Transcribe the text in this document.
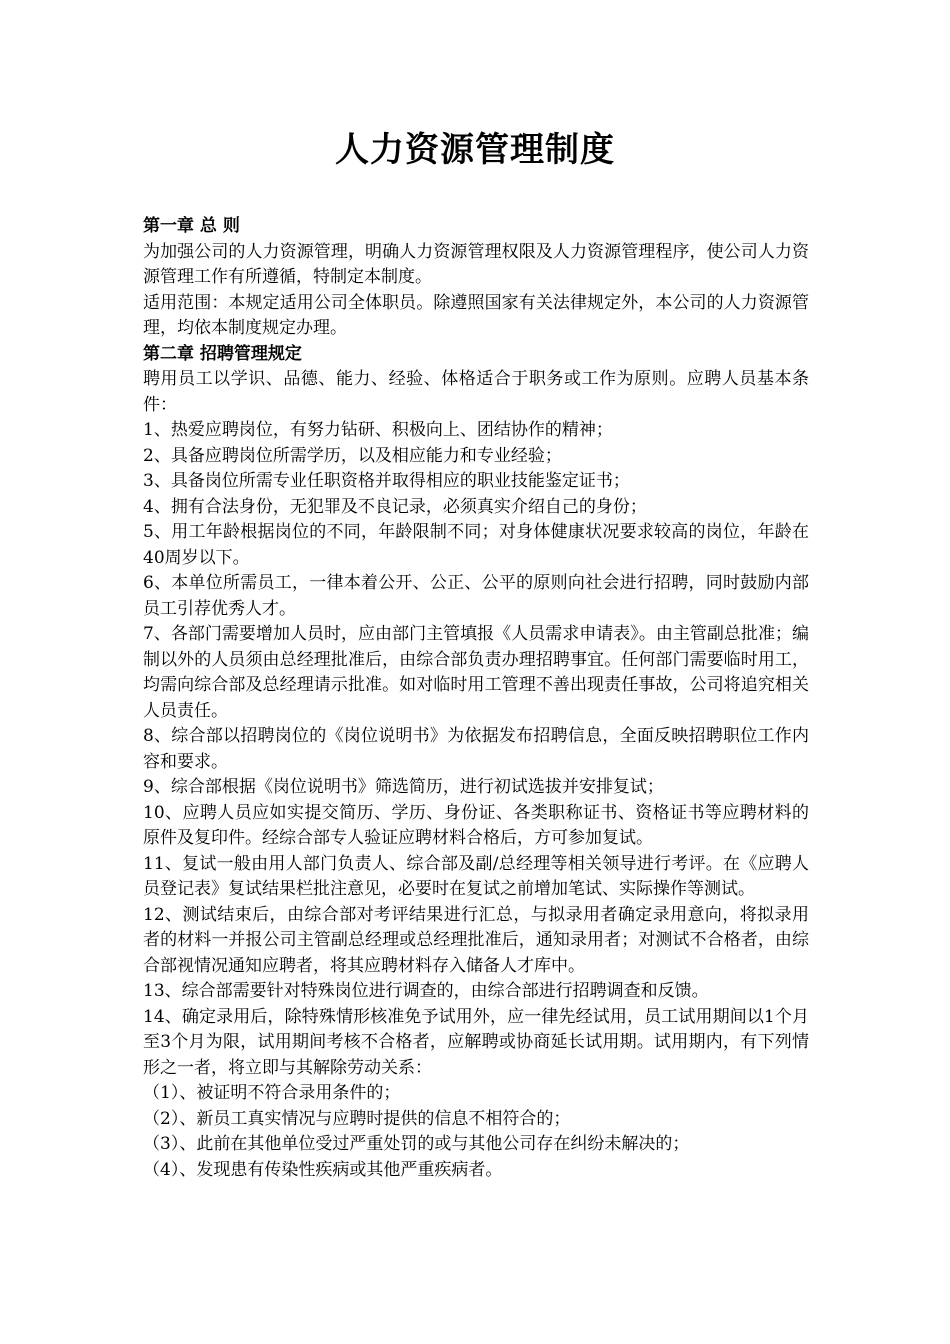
人力资源管理制度
第一章 总 则
为加强公司的人力资源管理，明确人力资源管理权限及人力资源管理程序，使公司人力资源管理工作有所遵循，特制定本制度。
适用范围：本规定适用公司全体职员。除遵照国家有关法律规定外，本公司的人力资源管理，均依本制度规定办理。
第二章 招聘管理规定
聘用员工以学识、品德、能力、经验、体格适合于职务或工作为原则。应聘人员基本条件：
1、热爱应聘岗位，有努力钻研、积极向上、团结协作的精神；
2、具备应聘岗位所需学历，以及相应能力和专业经验；
3、具备岗位所需专业任职资格并取得相应的职业技能鉴定证书；
4、拥有合法身份，无犯罪及不良记录，必须真实介绍自己的身份；
5、用工年龄根据岗位的不同，年龄限制不同；对身体健康状况要求较高的岗位，年龄在40周岁以下。
6、本单位所需员工，一律本着公开、公正、公平的原则向社会进行招聘，同时鼓励内部员工引荐优秀人才。
7、各部门需要增加人员时，应由部门主管填报《人员需求申请表》。由主管副总批准；编制以外的人员须由总经理批准后，由综合部负责办理招聘事宜。任何部门需要临时用工，均需向综合部及总经理请示批准。如对临时用工管理不善出现责任事故，公司将追究相关人员责任。
8、综合部以招聘岗位的《岗位说明书》为依据发布招聘信息，全面反映招聘职位工作内容和要求。
9、综合部根据《岗位说明书》筛选简历，进行初试选拔并安排复试；
10、应聘人员应如实提交简历、学历、身份证、各类职称证书、资格证书等应聘材料的原件及复印件。经综合部专人验证应聘材料合格后，方可参加复试。
11、复试一般由用人部门负责人、综合部及副/总经理等相关领导进行考评。在《应聘人员登记表》复试结果栏批注意见，必要时在复试之前增加笔试、实际操作等测试。
12、测试结束后，由综合部对考评结果进行汇总，与拟录用者确定录用意向，将拟录用者的材料一并报公司主管副总经理或总经理批准后，通知录用者；对测试不合格者，由综合部视情况通知应聘者，将其应聘材料存入储备人才库中。
13、综合部需要针对特殊岗位进行调查的，由综合部进行招聘调查和反馈。
14、确定录用后，除特殊情形核准免予试用外，应一律先经试用，员工试用期间以1个月至3个月为限，试用期间考核不合格者，应解聘或协商延长试用期。试用期内，有下列情形之一者，将立即与其解除劳动关系：
（1）、被证明不符合录用条件的；
（2）、新员工真实情况与应聘时提供的信息不相符合的；
（3）、此前在其他单位受过严重处罚的或与其他公司存在纠纷未解决的；
（4）、发现患有传染性疾病或其他严重疾病者。
